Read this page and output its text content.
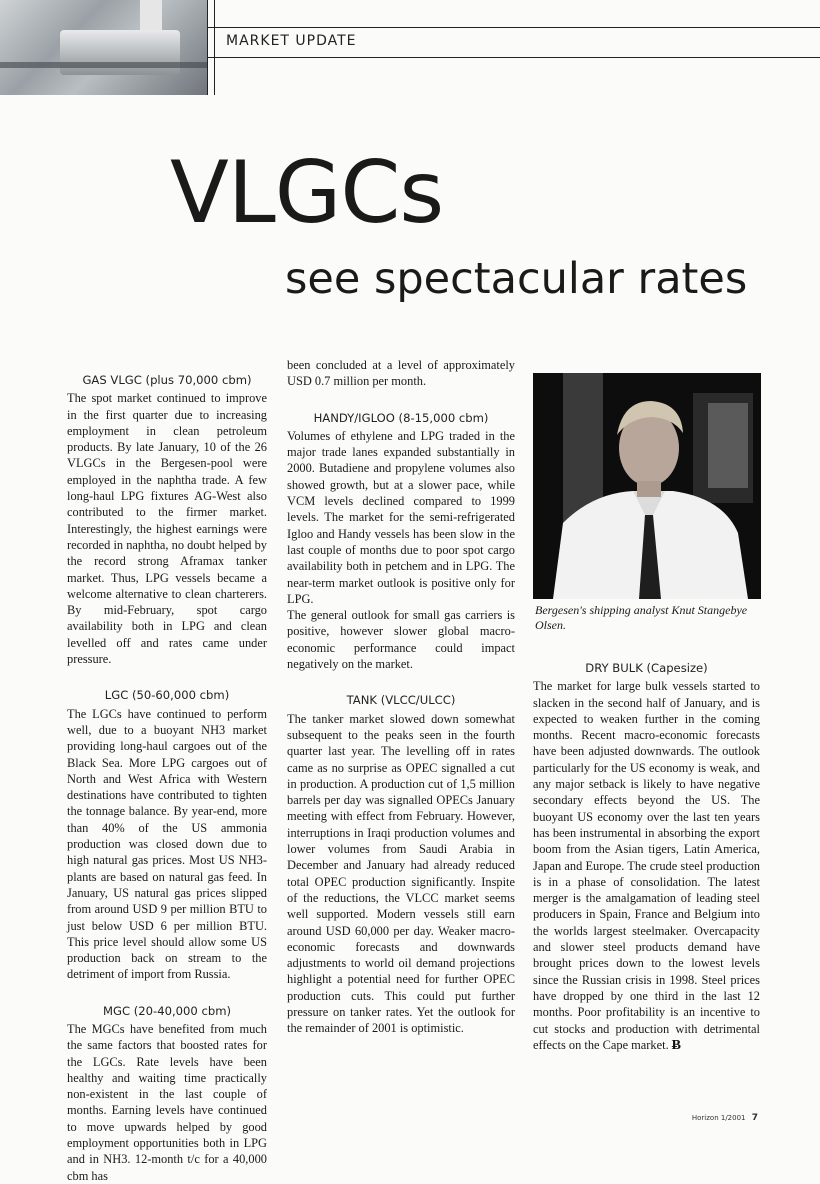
MARKET UPDATE
VLGCs
see spectacular rates
GAS VLGC (plus 70,000 cbm)

The spot market continued to improve in the first quarter due to increasing employment in clean petroleum products. By late January, 10 of the 26 VLGCs in the Bergesen-pool were employed in the naphtha trade. A few long-haul LPG fixtures AG-West also contributed to the firmer market. Interestingly, the highest earnings were recorded in naphtha, no doubt helped by the record strong Aframax tanker market. Thus, LPG vessels became a welcome alternative to clean charterers. By mid-February, spot cargo availability both in LPG and clean levelled off and rates came under pressure.

LGC (50-60,000 cbm)

The LGCs have continued to perform well, due to a buoyant NH3 market providing long-haul cargoes out of the Black Sea. More LPG cargoes out of North and West Africa with Western destinations have contributed to tighten the tonnage balance. By year-end, more than 40% of the US ammonia production was closed down due to high natural gas prices. Most US NH3-plants are based on natural gas feed. In January, US natural gas prices slipped from around USD 9 per million BTU to just below USD 6 per million BTU. This price level should allow some US production back on stream to the detriment of import from Russia.

MGC (20-40,000 cbm)

The MGCs have benefited from much the same factors that boosted rates for the LGCs. Rate levels have been healthy and waiting time practically non-existent in the last couple of months. Earning levels have continued to move upwards helped by good employment opportunities both in LPG and in NH3. 12-month t/c for a 40,000 cbm has

been concluded at a level of approximately USD 0.7 million per month.

HANDY/IGLOO (8-15,000 cbm)

Volumes of ethylene and LPG traded in the major trade lanes expanded substantially in 2000. Butadiene and propylene volumes also showed growth, but at a slower pace, while VCM levels declined compared to 1999 levels. The market for the semi-refrigerated Igloo and Handy vessels has been slow in the last couple of months due to poor spot cargo availability both in petchem and in LPG. The near-term market outlook is positive only for LPG.

The general outlook for small gas carriers is positive, however slower global macro-economic performance could impact negatively on the market.

TANK (VLCC/ULCC)

The tanker market slowed down somewhat subsequent to the peaks seen in the fourth quarter last year. The levelling off in rates came as no surprise as OPEC signalled a cut in production. A production cut of 1,5 million barrels per day was signalled OPECs January meeting with effect from February. However, interruptions in Iraqi production volumes and lower volumes from Saudi Arabia in December and January had already reduced total OPEC production significantly. Inspite of the reductions, the VLCC market seems well supported. Modern vessels still earn around USD 60,000 per day. Weaker macro-economic forecasts and downwards adjustments to world oil demand projections highlight a potential need for further OPEC production cuts. This could put further pressure on tanker rates. Yet the outlook for the remainder of 2001 is optimistic.

Bergesen's shipping analyst Knut Stangebye Olsen.
DRY BULK (Capesize)

The market for large bulk vessels started to slacken in the second half of January, and is expected to weaken further in the coming months. Recent macro-economic forecasts have been adjusted downwards. The outlook particularly for the US economy is weak, and any major setback is likely to have negative secondary effects beyond the US. The buoyant US economy over the last ten years has been instrumental in absorbing the export boom from the Asian tigers, Latin America, Japan and Europe. The crude steel production is in a phase of consolidation. The latest merger is the amalgamation of leading steel producers in Spain, France and Belgium into the worlds largest steelmaker. Overcapacity and slower steel products demand have brought prices down to the lowest levels since the Russian crisis in 1998. Steel prices have dropped by one third in the last 12 months. Poor profitability is an incentive to cut stocks and production with detrimental effects on the Cape market. Ƀ

Horizon 1/2001 7
